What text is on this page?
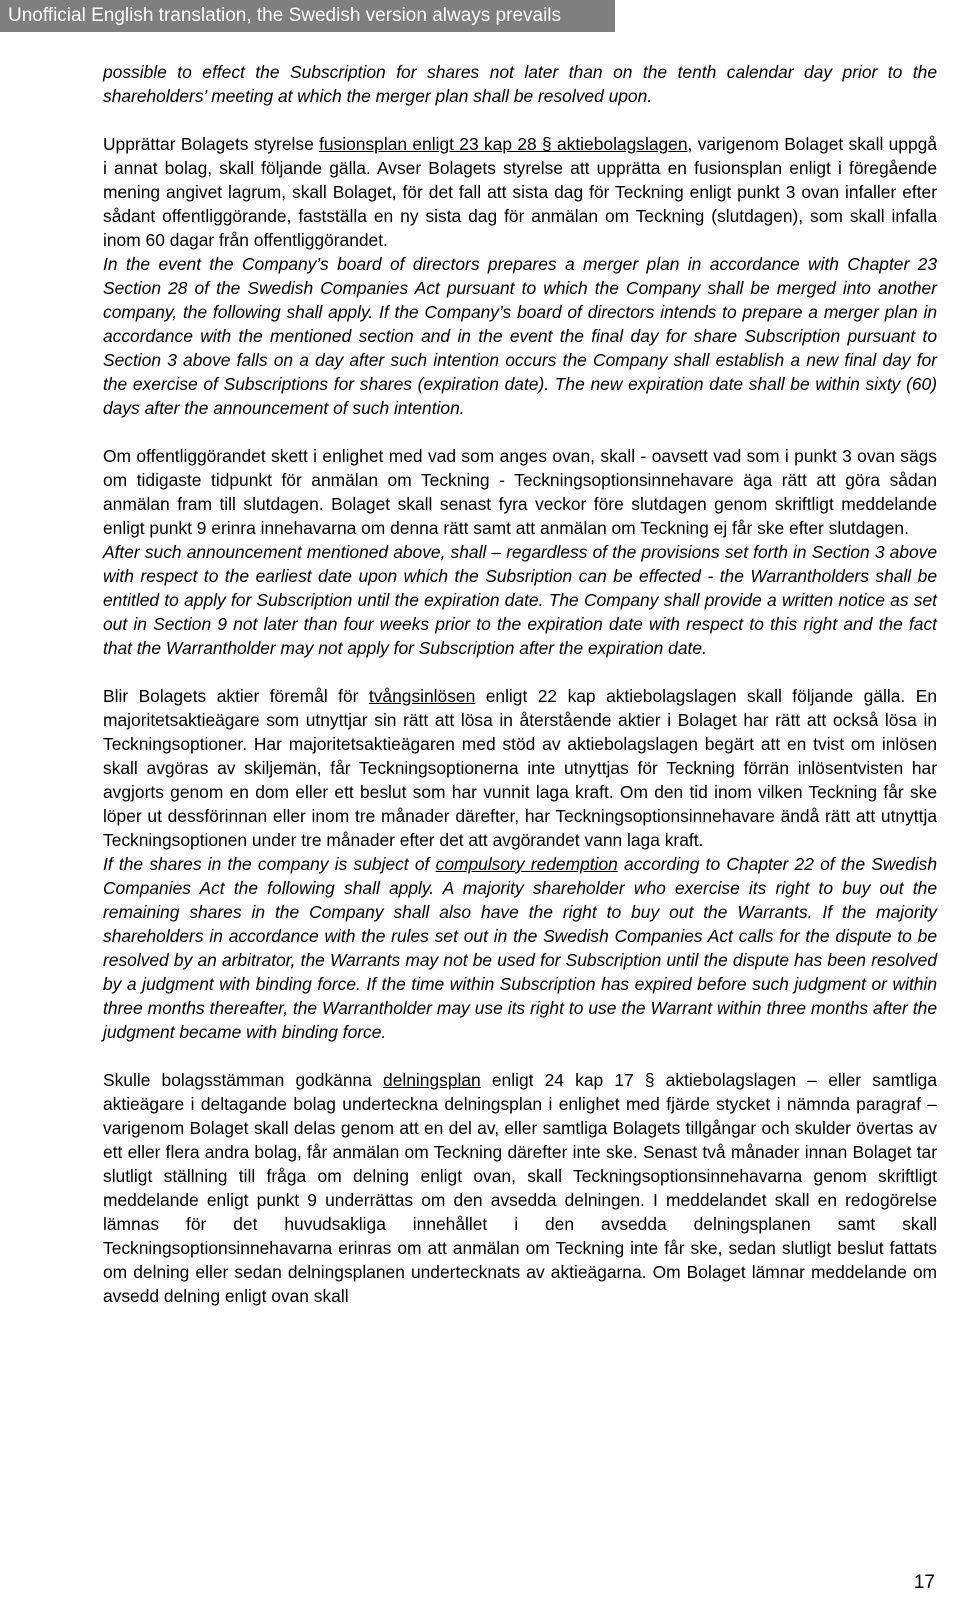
Unofficial English translation, the Swedish version always prevails

possible to effect the Subscription for shares not later than on the tenth calendar day prior to the shareholders’ meeting at which the merger plan shall be resolved upon.

Upprättar Bolagets styrelse fusionsplan enligt 23 kap 28 § aktiebolagslagen, varigenom Bolaget skall uppgå i annat bolag, skall följande gälla. Avser Bolagets styrelse att upprätta en fusionsplan enligt i föregående mening angivet lagrum, skall Bolaget, för det fall att sista dag för Teckning enligt punkt 3 ovan infaller efter sådant offentliggörande, fastställa en ny sista dag för anmälan om Teckning (slutdagen), som skall infalla inom 60 dagar från offentliggörandet.

In the event the Company’s board of directors prepares a merger plan in accordance with Chapter 23 Section 28 of the Swedish Companies Act pursuant to which the Company shall be merged into another company, the following shall apply. If the Company’s board of directors intends to prepare a merger plan in accordance with the mentioned section and in the event the final day for share Subscription pursuant to Section 3 above falls on a day after such intention occurs the Company shall establish a new final day for the exercise of Subscriptions for shares (expiration date). The new expiration date shall be within sixty (60) days after the announcement of such intention.

Om offentliggörandet skett i enlighet med vad som anges ovan, skall - oavsett vad som i punkt 3 ovan sägs om tidigaste tidpunkt för anmälan om Teckning - Teckningsoptionsinnehavare äga rätt att göra sådan anmälan fram till slutdagen. Bolaget skall senast fyra veckor före slutdagen genom skriftligt meddelande enligt punkt 9 erinra innehavarna om denna rätt samt att anmälan om Teckning ej får ske efter slutdagen.

After such announcement mentioned above, shall – regardless of the provisions set forth in Section 3 above with respect to the earliest date upon which the Subsription can be effected - the Warrantholders shall be entitled to apply for Subscription until the expiration date. The Company shall provide a written notice as set out in Section 9 not later than four weeks prior to the expiration date with respect to this right and the fact that the Warrantholder may not apply for Subscription after the expiration date.

Blir Bolagets aktier föremål för tvångsinlösen enligt 22 kap aktiebolagslagen skall följande gälla. En majoritetsaktieägare som utnyttjar sin rätt att lösa in återstående aktier i Bolaget har rätt att också lösa in Teckningsoptioner. Har majoritetsaktieägaren med stöd av aktiebolagslagen begärt att en tvist om inlösen skall avgöras av skiljemän, får Teckningsoptionerna inte utnyttjas för Teckning förrän inlösentvisten har avgjorts genom en dom eller ett beslut som har vunnit laga kraft. Om den tid inom vilken Teckning får ske löper ut dessförinnan eller inom tre månader därefter, har Teckningsoptionsinnehavare ändå rätt att utnyttja Teckningsoptionen under tre månader efter det att avgörandet vann laga kraft.

If the shares in the company is subject of compulsory redemption according to Chapter 22 of the Swedish Companies Act the following shall apply. A majority shareholder who exercise its right to buy out the remaining shares in the Company shall also have the right to buy out the Warrants. If the majority shareholders in accordance with the rules set out in the Swedish Companies Act calls for the dispute to be resolved by an arbitrator, the Warrants may not be used for Subscription until the dispute has been resolved by a judgment with binding force. If the time within Subscription has expired before such judgment or within three months thereafter, the Warrantholder may use its right to use the Warrant within three months after the judgment became with binding force.

Skulle bolagsstämman godkänna delningsplan enligt 24 kap 17 § aktiebolagslagen – eller samtliga aktieägare i deltagande bolag underteckna delningsplan i enlighet med fjärde stycket i nämnda paragraf – varigenom Bolaget skall delas genom att en del av, eller samtliga Bolagets tillgångar och skulder övertas av ett eller flera andra bolag, får anmälan om Teckning därefter inte ske. Senast två månader innan Bolaget tar slutligt ställning till fråga om delning enligt ovan, skall Teckningsoptionsinnehavarna genom skriftligt meddelande enligt punkt 9 underrättas om den avsedda delningen. I meddelandet skall en redogörelse lämnas för det huvudsakliga innehållet i den avsedda delningsplanen samt skall Teckningsoptionsinnehavarna erinras om att anmälan om Teckning inte får ske, sedan slutligt beslut fattats om delning eller sedan delningsplanen undertecknats av aktieägarna. Om Bolaget lämnar meddelande om avsedd delning enligt ovan skall

17
